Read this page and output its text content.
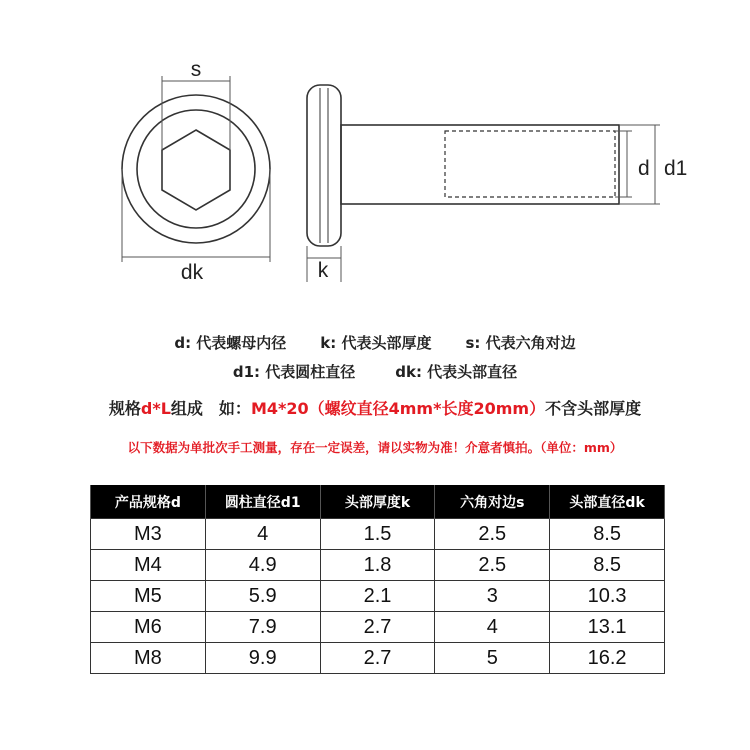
s
dk	k
d d1
d: 代表螺母内径 k: 代表头部厚度 s: 代表六角对边
d1: 代表圆柱直径	dk: 代表头部直径
规格d*L组成　如：M4*20（螺纹直径4mm*长度20mm）不含头部厚度
以下数据为单批次手工测量，存在一定误差，请以实物为准！介意者慎拍。（单位：mm）
产品规格d	圆柱直径d1	头部厚度k	六角对边s	头部直径dk
M3	4	1.5	2.5	8.5
M4	4.9	1.8	2.5	8.5
M5	5.9	2.1	3	10.3
M6	7.9	2.7	4	13.1
M8	9.9	2.7	5	16.2
